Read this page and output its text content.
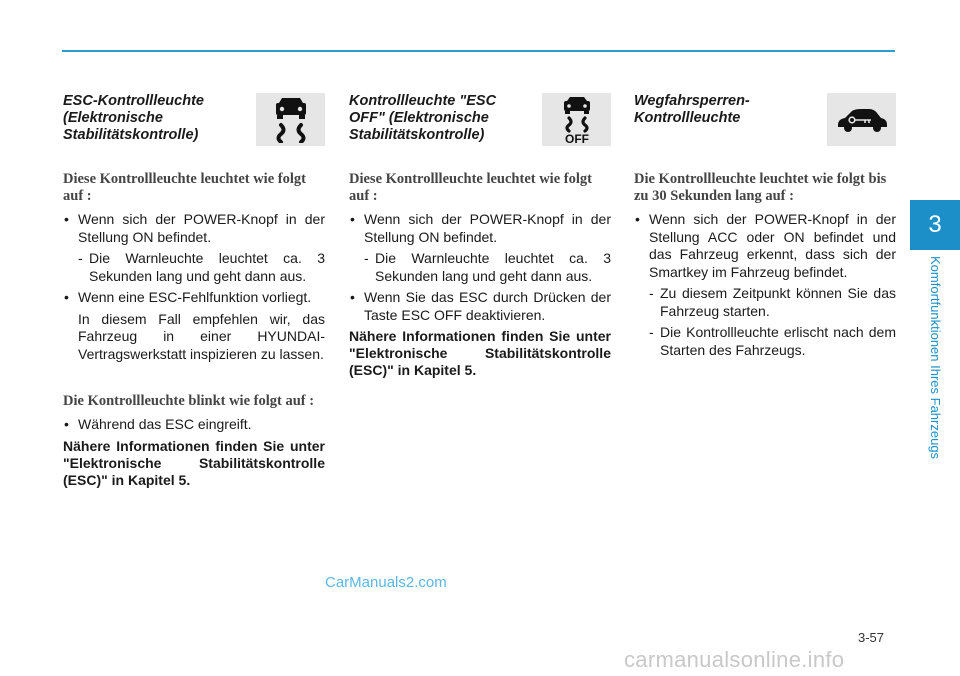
3
Komfortfunktionen Ihres Fahrzeugs
ESC-Kontrollleuchte (Elektronische Stabilitätskontrolle)
Diese Kontrollleuchte leuchtet wie folgt auf :
• Wenn sich der POWER-Knopf in der Stellung ON befindet.
- Die Warnleuchte leuchtet ca. 3 Sekunden lang und geht dann aus.
• Wenn eine ESC-Fehlfunktion vorliegt.
In diesem Fall empfehlen wir, das Fahrzeug in einer HYUNDAI-Vertragswerkstatt inspizieren zu lassen.
Die Kontrollleuchte blinkt wie folgt auf :
• Während das ESC eingreift.
Nähere Informationen finden Sie unter "Elektronische Stabilitätskontrolle (ESC)" in Kapitel 5.
Kontrollleuchte "ESC OFF" (Elektronische Stabilitätskontrolle)	OFF
Diese Kontrollleuchte leuchtet wie folgt auf :
• Wenn sich der POWER-Knopf in der Stellung ON befindet.
- Die Warnleuchte leuchtet ca. 3 Sekunden lang und geht dann aus.
• Wenn Sie das ESC durch Drücken der Taste ESC OFF deaktivieren.
Nähere Informationen finden Sie unter "Elektronische Stabilitätskontrolle (ESC)" in Kapitel 5.
Wegfahrsperren-Kontrollleuchte
Die Kontrollleuchte leuchtet wie folgt bis zu 30 Sekunden lang auf :
• Wenn sich der POWER-Knopf in der Stellung ACC oder ON befindet und das Fahrzeug erkennt, dass sich der Smartkey im Fahrzeug befindet.
- Zu diesem Zeitpunkt können Sie das Fahrzeug starten.
- Die Kontrollleuchte erlischt nach dem Starten des Fahrzeugs.
CarManuals2.com
3-57
carmanualsonline.info
